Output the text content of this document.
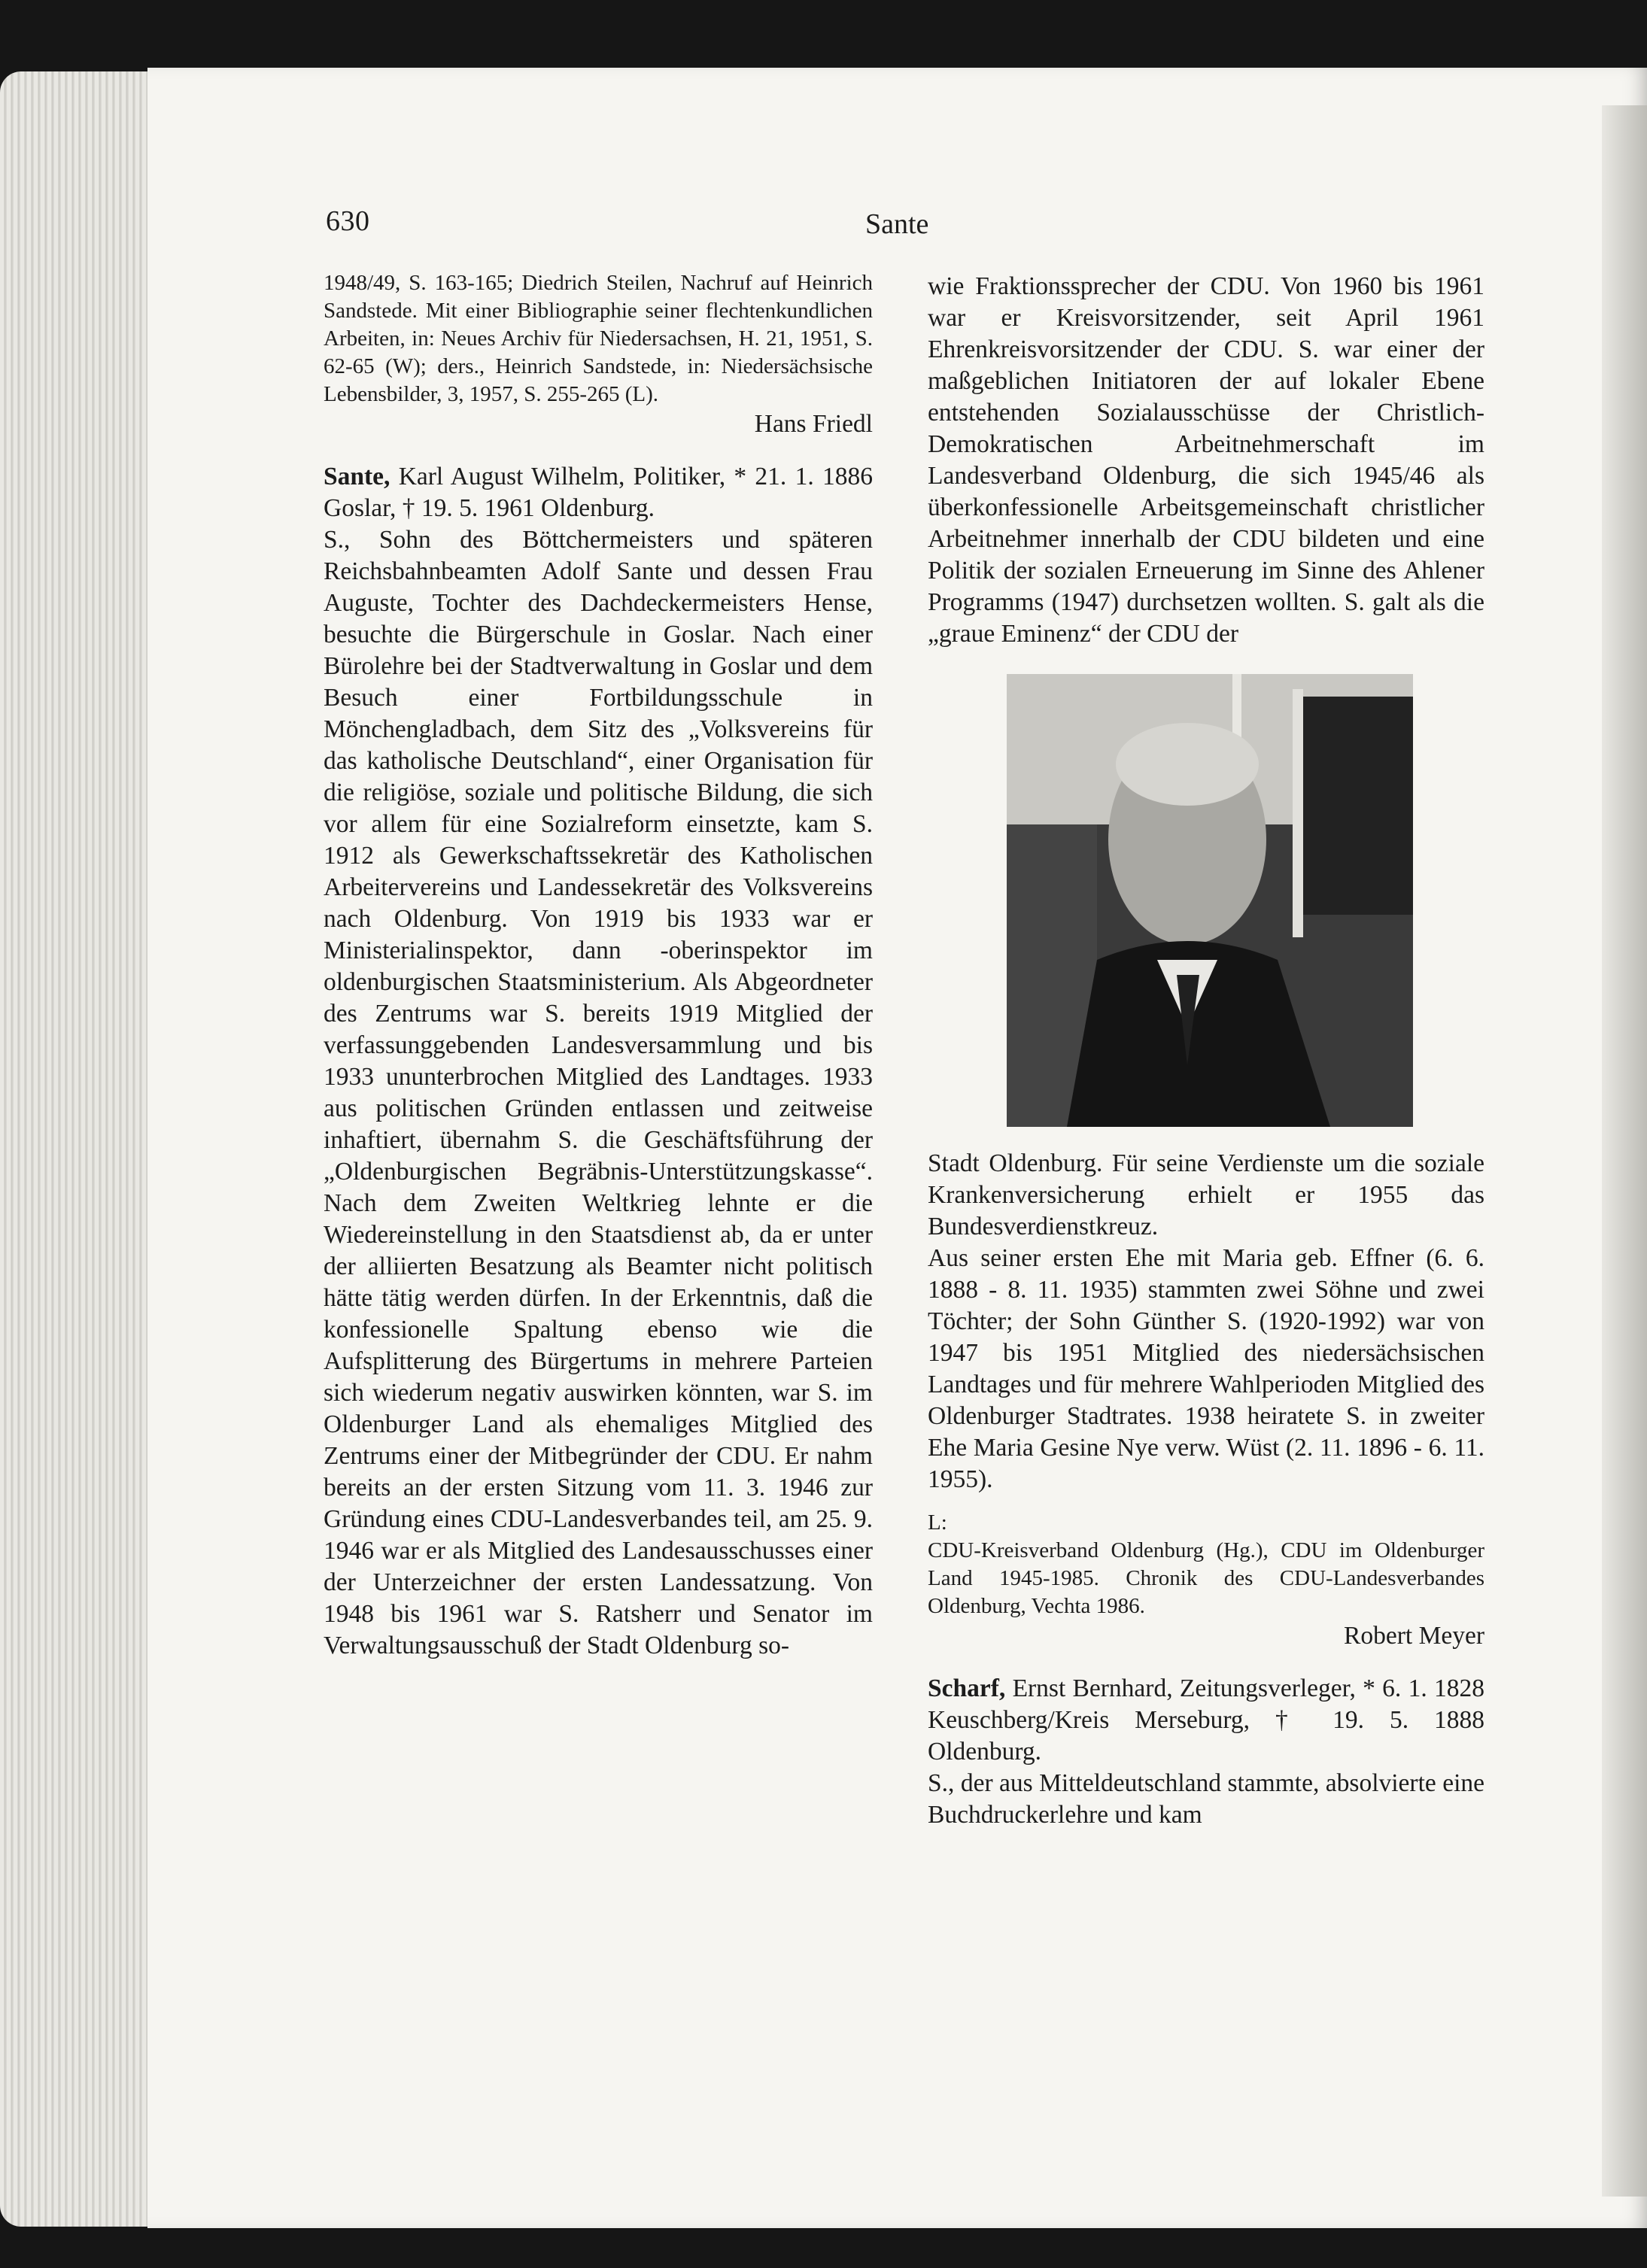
630	Sante

1948/49, S. 163-165; Diedrich Steilen, Nachruf auf Heinrich Sandstede. Mit einer Bibliographie seiner flechtenkundlichen Arbeiten, in: Neues Archiv für Niedersachsen, H. 21, 1951, S. 62-65 (W); ders., Heinrich Sandstede, in: Niedersächsische Lebensbilder, 3, 1957, S. 255-265 (L).

Hans Friedl

Sante, Karl August Wilhelm, Politiker, * 21. 1. 1886 Goslar, † 19. 5. 1961 Oldenburg.

S., Sohn des Böttchermeisters und späteren Reichsbahnbeamten Adolf Sante und dessen Frau Auguste, Tochter des Dachdeckermeisters Hense, besuchte die Bürgerschule in Goslar. Nach einer Bürolehre bei der Stadtverwaltung in Goslar und dem Besuch einer Fortbildungsschule in Mönchengladbach, dem Sitz des „Volksvereins für das katholische Deutschland“, einer Organisation für die religiöse, soziale und politische Bildung, die sich vor allem für eine Sozialreform einsetzte, kam S. 1912 als Gewerkschaftssekretär des Katholischen Arbeitervereins und Landessekretär des Volksvereins nach Oldenburg. Von 1919 bis 1933 war er Ministerialinspektor, dann -oberinspektor im oldenburgischen Staatsministerium. Als Abgeordneter des Zentrums war S. bereits 1919 Mitglied der verfassunggebenden Landesversammlung und bis 1933 ununterbrochen Mitglied des Landtages. 1933 aus politischen Gründen entlassen und zeitweise inhaftiert, übernahm S. die Geschäftsführung der „Oldenburgischen Begräbnis-Unterstützungskasse“. Nach dem Zweiten Weltkrieg lehnte er die Wiedereinstellung in den Staatsdienst ab, da er unter der alliierten Besatzung als Beamter nicht politisch hätte tätig werden dürfen. In der Erkenntnis, daß die konfessionelle Spaltung ebenso wie die Aufsplitterung des Bürgertums in mehrere Parteien sich wiederum negativ auswirken könnten, war S. im Oldenburger Land als ehemaliges Mitglied des Zentrums einer der Mitbegründer der CDU. Er nahm bereits an der ersten Sitzung vom 11. 3. 1946 zur Gründung eines CDU-Landesverbandes teil, am 25. 9. 1946 war er als Mitglied des Landesausschusses einer der Unterzeichner der ersten Landessatzung. Von 1948 bis 1961 war S. Ratsherr und Senator im Verwaltungsausschuß der Stadt Oldenburg so-

wie Fraktionssprecher der CDU. Von 1960 bis 1961 war er Kreisvorsitzender, seit April 1961 Ehrenkreisvorsitzender der CDU. S. war einer der maßgeblichen Initiatoren der auf lokaler Ebene entstehenden Sozialausschüsse der Christlich-Demokratischen Arbeitnehmerschaft im Landesverband Oldenburg, die sich 1945/46 als überkonfessionelle Arbeitsgemeinschaft christlicher Arbeitnehmer innerhalb der CDU bildeten und eine Politik der sozialen Erneuerung im Sinne des Ahlener Programms (1947) durchsetzen wollten. S. galt als die „graue Eminenz“ der CDU der

Stadt Oldenburg. Für seine Verdienste um die soziale Krankenversicherung erhielt er 1955 das Bundesverdienstkreuz.

Aus seiner ersten Ehe mit Maria geb. Effner (6. 6. 1888 - 8. 11. 1935) stammten zwei Söhne und zwei Töchter; der Sohn Günther S. (1920-1992) war von 1947 bis 1951 Mitglied des niedersächsischen Landtages und für mehrere Wahlperioden Mitglied des Oldenburger Stadtrates. 1938 heiratete S. in zweiter Ehe Maria Gesine Nye verw. Wüst (2. 11. 1896 - 6. 11. 1955).

L:

CDU-Kreisverband Oldenburg (Hg.), CDU im Oldenburger Land 1945-1985. Chronik des CDU-Landesverbandes Oldenburg, Vechta 1986.

Robert Meyer

Scharf, Ernst Bernhard, Zeitungsverleger, * 6. 1. 1828 Keuschberg/Kreis Merseburg, † 19. 5. 1888 Oldenburg.

S., der aus Mitteldeutschland stammte, absolvierte eine Buchdruckerlehre und kam
